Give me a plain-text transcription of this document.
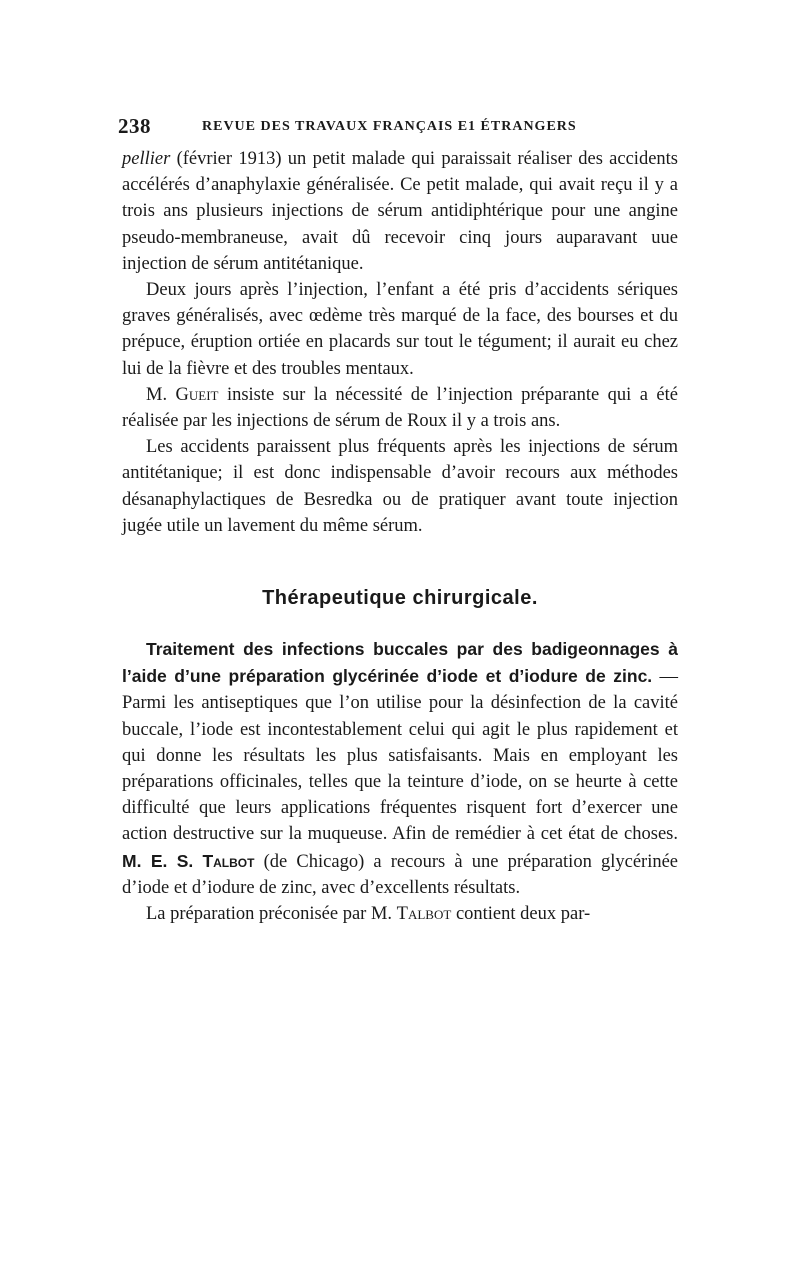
238	REVUE DES TRAVAUX FRANÇAIS E1 ÉTRANGERS

pellier (février 1913) un petit malade qui paraissait réaliser des accidents accélérés d’anaphylaxie généralisée. Ce petit malade, qui avait reçu il y a trois ans plusieurs injections de sérum antidiphtérique pour une angine pseudo-membraneuse, avait dû recevoir cinq jours auparavant uue injection de sérum antitétanique.

Deux jours après l’injection, l’enfant a été pris d’accidents sériques graves généralisés, avec œdème très marqué de la face, des bourses et du prépuce, éruption ortiée en placards sur tout le tégument; il aurait eu chez lui de la fièvre et des troubles mentaux.

M. Gueit insiste sur la nécessité de l’injection préparante qui a été réalisée par les injections de sérum de Roux il y a trois ans.

Les accidents paraissent plus fréquents après les injections de sérum antitétanique; il est donc indispensable d’avoir recours aux méthodes désanaphylactiques de Besredka ou de pratiquer avant toute injection jugée utile un lavement du même sérum.

Thérapeutique chirurgicale.

Traitement des infections buccales par des badigeonnages à l’aide d’une préparation glycérinée d’iode et d’iodure de zinc. — Parmi les antiseptiques que l’on utilise pour la désinfection de la cavité buccale, l’iode est incontestablement celui qui agit le plus rapidement et qui donne les résultats les plus satisfaisants. Mais en employant les préparations officinales, telles que la teinture d’iode, on se heurte à cette difficulté que leurs applications fréquentes risquent fort d’exercer une action destructive sur la muqueuse. Afin de remédier à cet état de choses. M. E. S. Talbot (de Chicago) a recours à une préparation glycérinée d’iode et d’iodure de zinc, avec d’excellents résultats.

La préparation préconisée par M. Talbot contient deux par-
